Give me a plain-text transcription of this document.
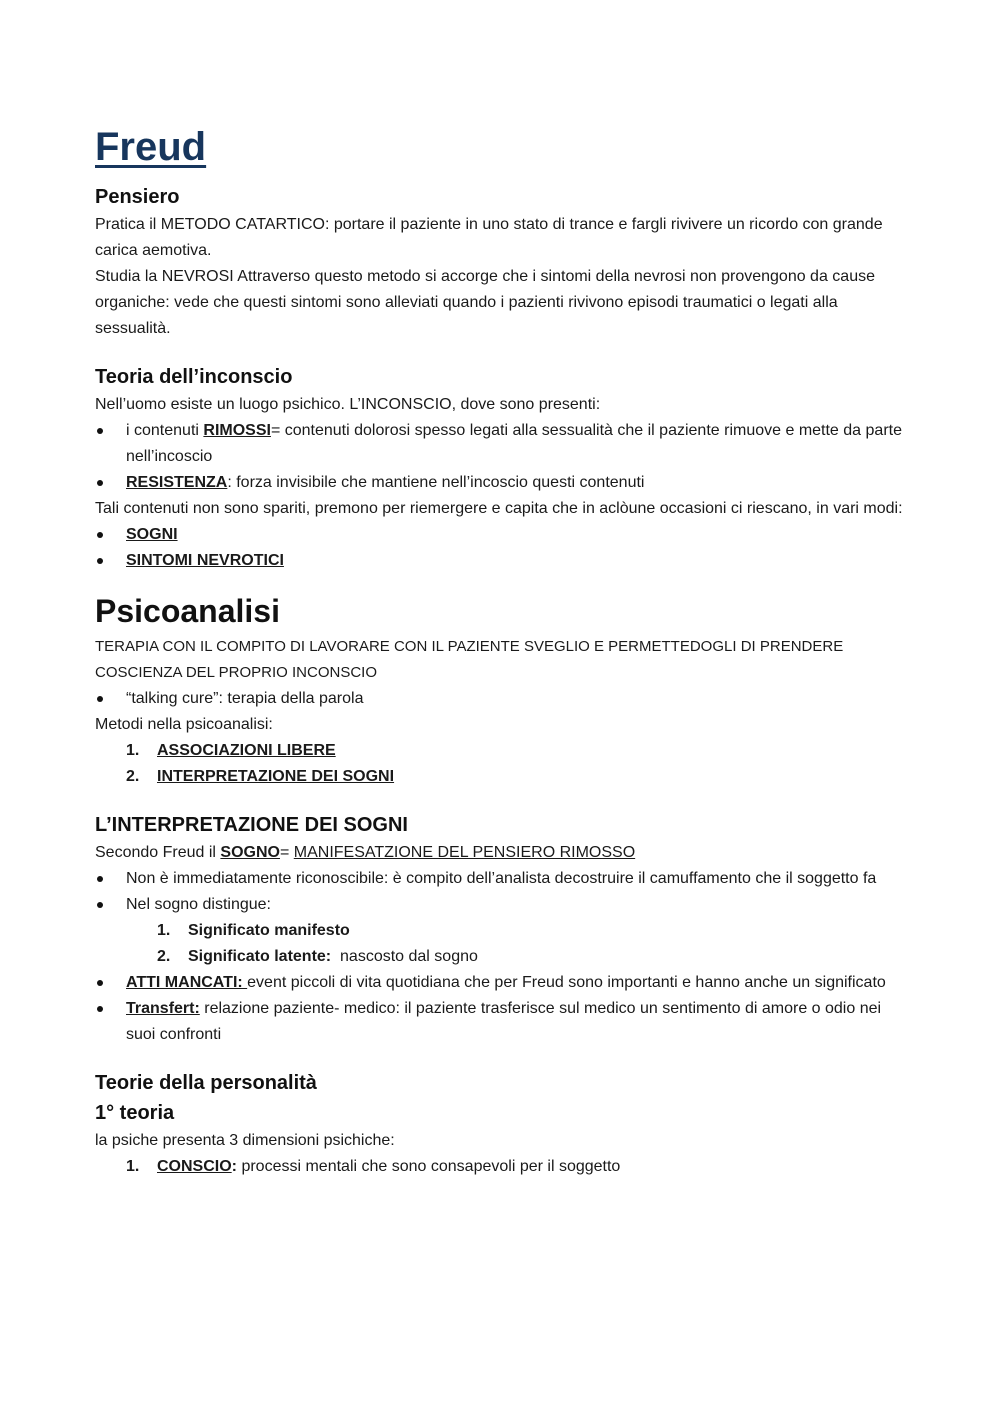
Freud
Pensiero

Pratica il METODO CATARTICO: portare il paziente in uno stato di trance e fargli rivivere un ricordo con grande carica aemotiva.

Studia la NEVROSI Attraverso questo metodo si accorge che i sintomi della nevrosi non provengono da cause organiche: vede che questi sintomi sono alleviati quando i pazienti rivivono episodi traumatici o legati alla sessualità.

Teoria dell’inconscio

Nell’uomo esiste un luogo psichico. L’INCONSCIO, dove sono presenti:

i contenuti RIMOSSI= contenuti dolorosi spesso legati alla sessualità che il paziente rimuove e mette da parte nell’incoscio
RESISTENZA: forza invisibile che mantiene nell’incoscio questi contenuti

Tali contenuti non sono spariti, premono per riemergere e capita che in aclòune occasioni ci riescano, in vari modi:

SOGNI
SINTOMI NEVROTICI
Psicoanalisi

TERAPIA CON IL COMPITO DI LAVORARE CON IL PAZIENTE SVEGLIO E PERMETTEDOGLI DI PRENDERE COSCIENZA DEL PROPRIO INCONSCIO

“talking cure”: terapia della parola

Metodi nella psicoanalisi:

1. ASSOCIAZIONI LIBERE
2. INTERPRETAZIONE DEI SOGNI
L’INTERPRETAZIONE DEI SOGNI

Secondo Freud il SOGNO= MANIFESATZIONE DEL PENSIERO RIMOSSO

Non è immediatamente riconoscibile: è compito dell’analista decostruire il camuffamento che il soggetto fa
Nel sogno distingue:
1. Significato manifesto
2. Significato latente:  nascosto dal sogno
ATTI MANCATI: event piccoli di vita quotidiana che per Freud sono importanti e hanno anche un significato
Transfert: relazione paziente- medico: il paziente trasferisce sul medico un sentimento di amore o odio nei suoi confronti
Teorie della personalità
1° teoria

la psiche presenta 3 dimensioni psichiche:

1. CONSCIO: processi mentali che sono consapevoli per il soggetto
